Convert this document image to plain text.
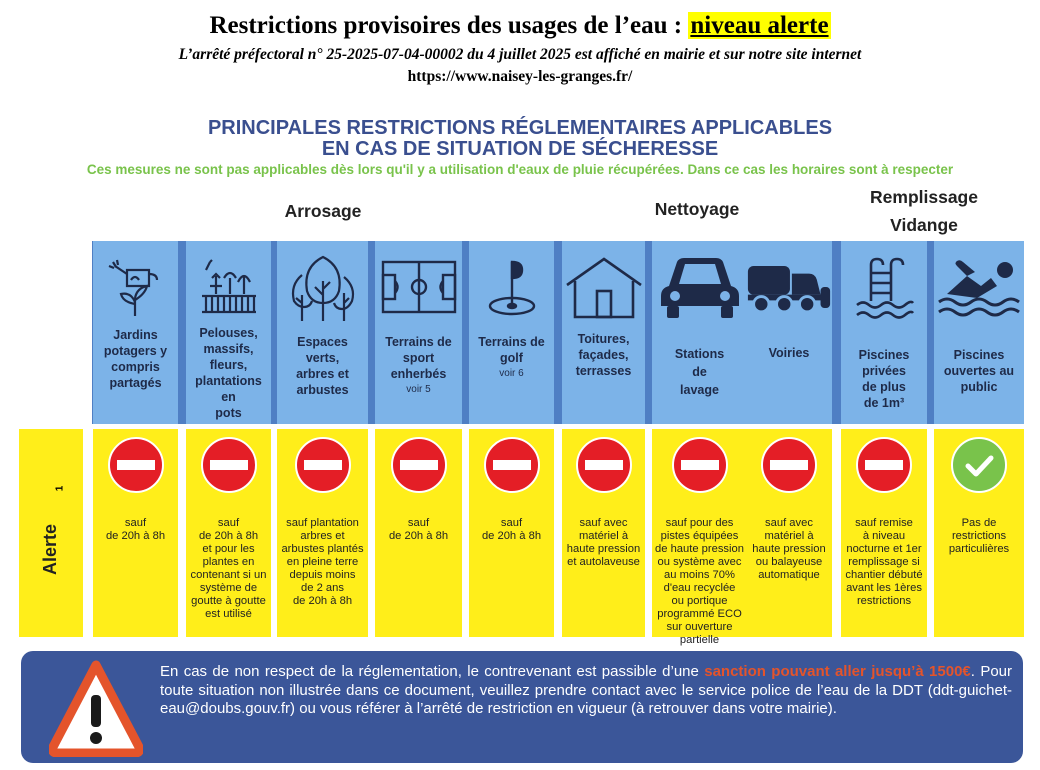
Restrictions provisoires des usages de l’eau : niveau alerte
L’arrêté préfectoral n° 25-2025-07-04-00002 du 4 juillet 2025 est affiché en mairie et sur notre site internet
https://www.naisey-les-granges.fr/
PRINCIPALES RESTRICTIONS RÉGLEMENTAIRES APPLICABLES
EN CAS DE SITUATION DE SÉCHERESSE
Ces mesures ne sont pas applicables dès lors qu'il y a utilisation d'eaux de pluie récupérées. Dans ce cas les horaires sont à respecter
Arrosage	Nettoyage
Remplissage
Vidange
Jardins
potagers y
compris
partagés
sauf
de 20h à 8h
Pelouses,
massifs,
fleurs,
plantations
en
pots
sauf
de 20h à 8h
et pour les
plantes en
contenant si un
système de
goutte à goutte
est utilisé
Espaces
verts,
arbres et
arbustes
sauf plantation
arbres et
arbustes plantés
en pleine terre
depuis moins
de 2 ans
de 20h à 8h
Terrains de
sport
enherbés
voir 5
sauf
de 20h à 8h
Terrains de
golf
voir 6
sauf
de 20h à 8h
Toitures,
façades,
terrasses
sauf avec
matériel à
haute pression
et autolaveuse
Stations
de
lavage
sauf pour des
pistes équipées
de haute pression
ou système avec
au moins 70%
d'eau recyclée
ou portique
programmé ECO
sur ouverture
partielle
Voiries
sauf avec
matériel à
haute pression
ou balayeuse
automatique
Piscines
privées
de plus
de 1m³
sauf remise
à niveau
nocturne et 1er
remplissage si
chantier débuté
avant les 1ères
restrictions
Piscines
ouvertes au
public
Pas de
restrictions
particulières
Alerte
1
En cas de non respect de la réglementation, le contrevenant est passible d’une sanction pouvant aller jusqu’à 1500€. Pour toute situation non illustrée dans ce document, veuillez prendre contact avec le service police de l’eau de la DDT (ddt-guichet-eau@doubs.gouv.fr) ou vous référer à l’arrêté de restriction en vigueur (à retrouver dans votre mairie).
